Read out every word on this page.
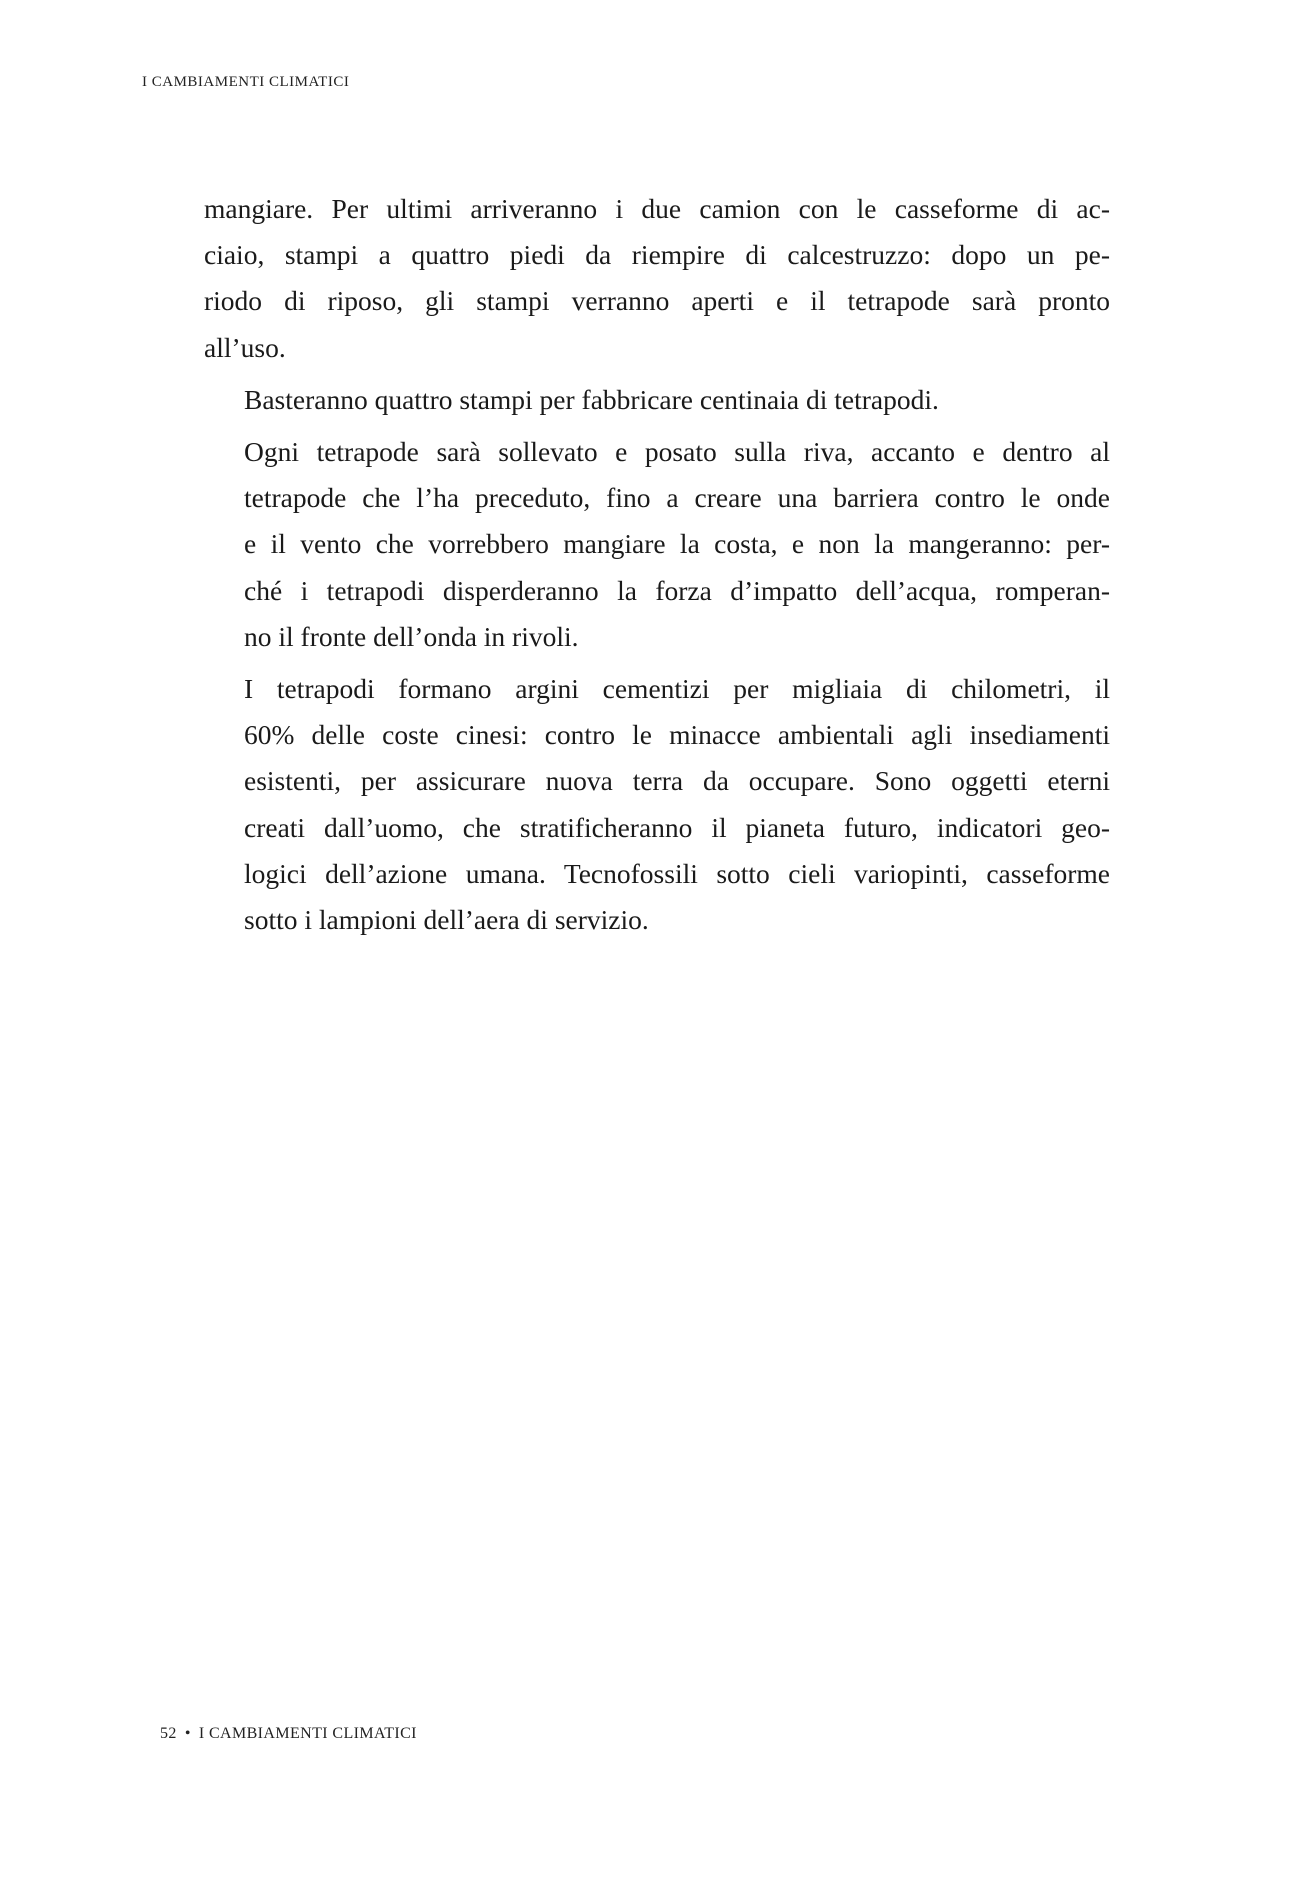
I CAMBIAMENTI CLIMATICI

mangiare. Per ultimi arriveranno i due camion con le casseforme di ac-
ciaio, stampi a quattro piedi da riempire di calcestruzzo: dopo un pe-
riodo di riposo, gli stampi verranno aperti e il tetrapode sarà pronto
all’uso.

Basteranno quattro stampi per fabbricare centinaia di tetrapodi.

Ogni tetrapode sarà sollevato e posato sulla riva, accanto e dentro al
tetrapode che l’ha preceduto, fino a creare una barriera contro le onde
e il vento che vorrebbero mangiare la costa, e non la mangeranno: per-
ché i tetrapodi disperderanno la forza d’impatto dell’acqua, romperan-
no il fronte dell’onda in rivoli.

I tetrapodi formano argini cementizi per migliaia di chilometri, il
60% delle coste cinesi: contro le minacce ambientali agli insediamenti
esistenti, per assicurare nuova terra da occupare. Sono oggetti eterni
creati dall’uomo, che stratificheranno il pianeta futuro, indicatori geo-
logici dell’azione umana. Tecnofossili sotto cieli variopinti, casseforme
sotto i lampioni dell’aera di servizio.

52 • I CAMBIAMENTI CLIMATICI
